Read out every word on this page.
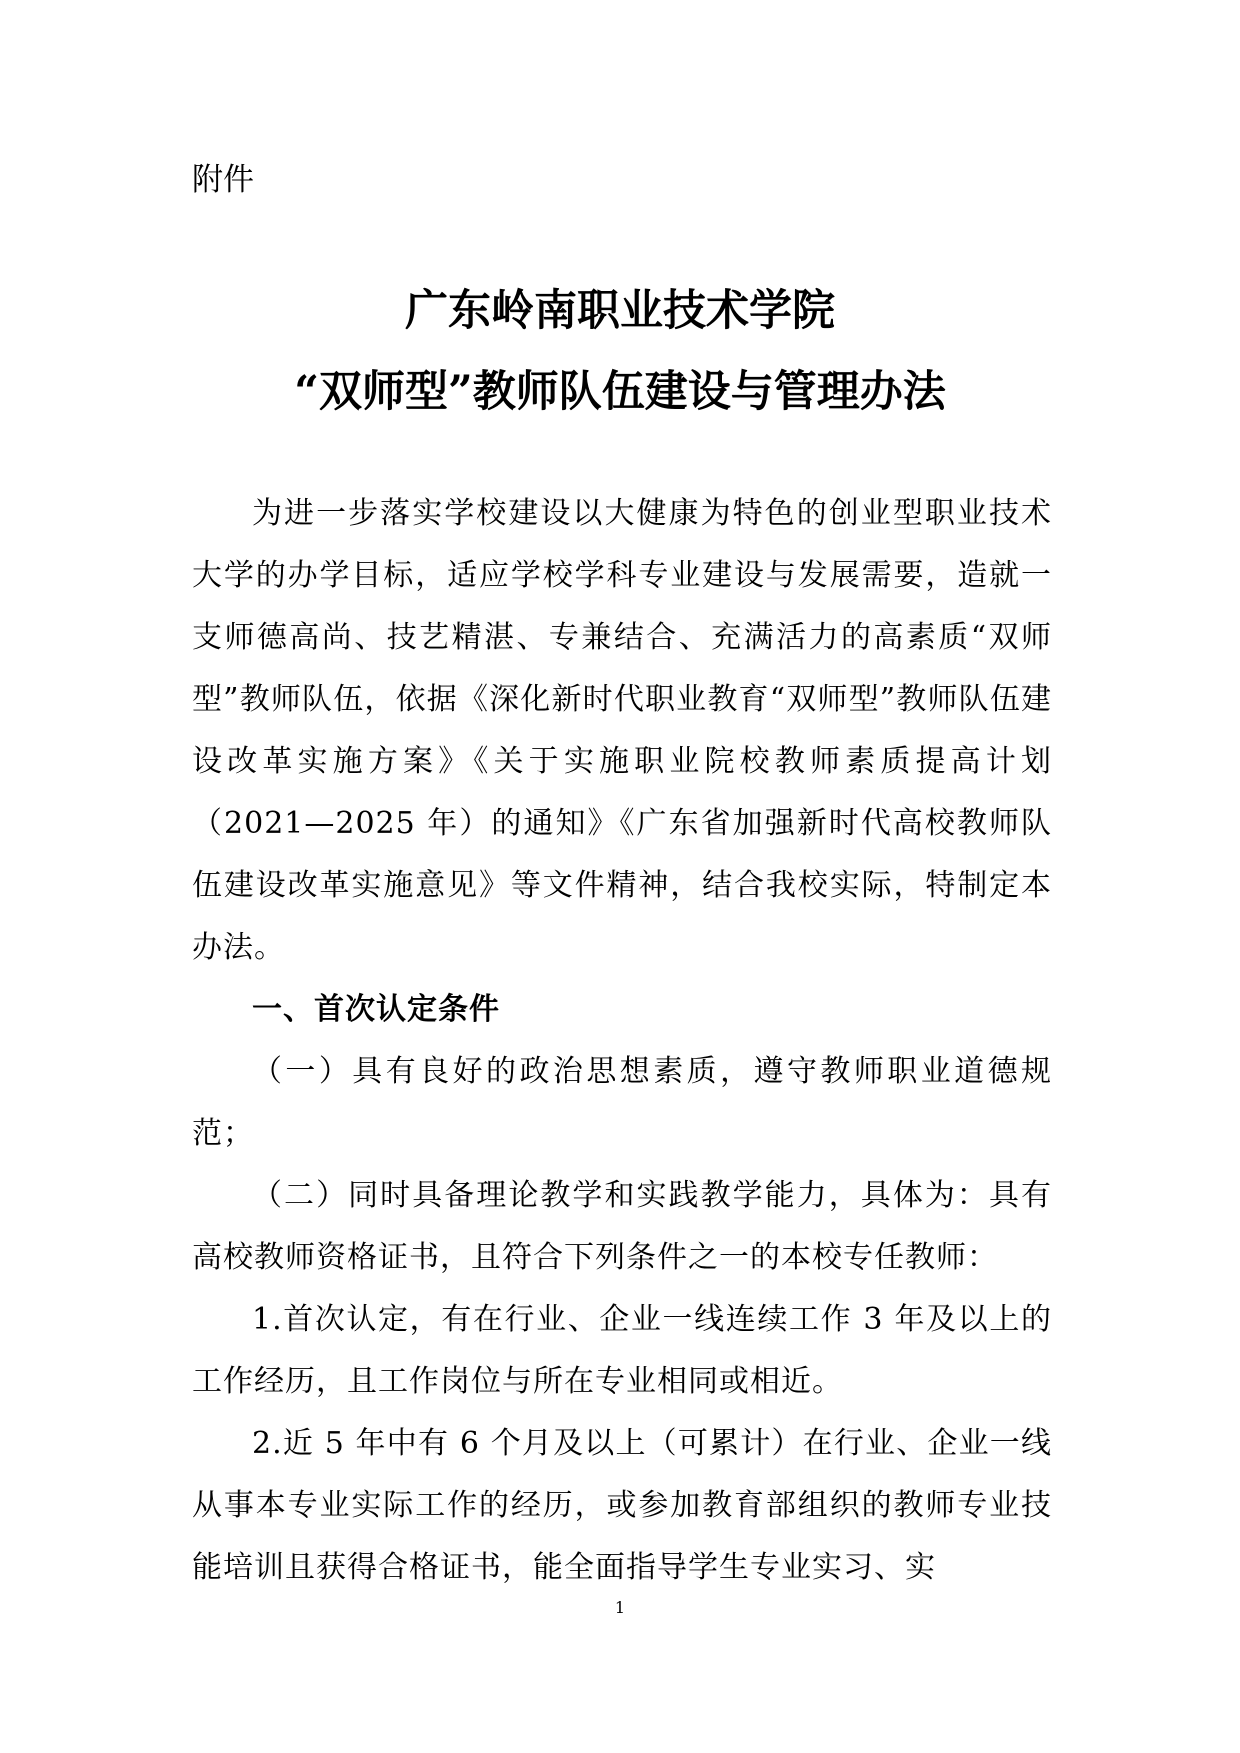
附件
广东岭南职业技术学院
“双师型”教师队伍建设与管理办法

为进一步落实学校建设以大健康为特色的创业型职业技术大学的办学目标，适应学校学科专业建设与发展需要，造就一支师德高尚、技艺精湛、专兼结合、充满活力的高素质“双师型”教师队伍，依据《深化新时代职业教育“双师型”教师队伍建设改革实施方案》《关于实施职业院校教师素质提高计划（2021—2025 年）的通知》《广东省加强新时代高校教师队伍建设改革实施意见》等文件精神，结合我校实际，特制定本办法。

一、首次认定条件

（一）具有良好的政治思想素质，遵守教师职业道德规范；

（二）同时具备理论教学和实践教学能力，具体为：具有高校教师资格证书，且符合下列条件之一的本校专任教师：

1.首次认定，有在行业、企业一线连续工作 3 年及以上的工作经历，且工作岗位与所在专业相同或相近。

2.近 5 年中有 6 个月及以上（可累计）在行业、企业一线从事本专业实际工作的经历，或参加教育部组织的教师专业技能培训且获得合格证书，能全面指导学生专业实习、实

1
